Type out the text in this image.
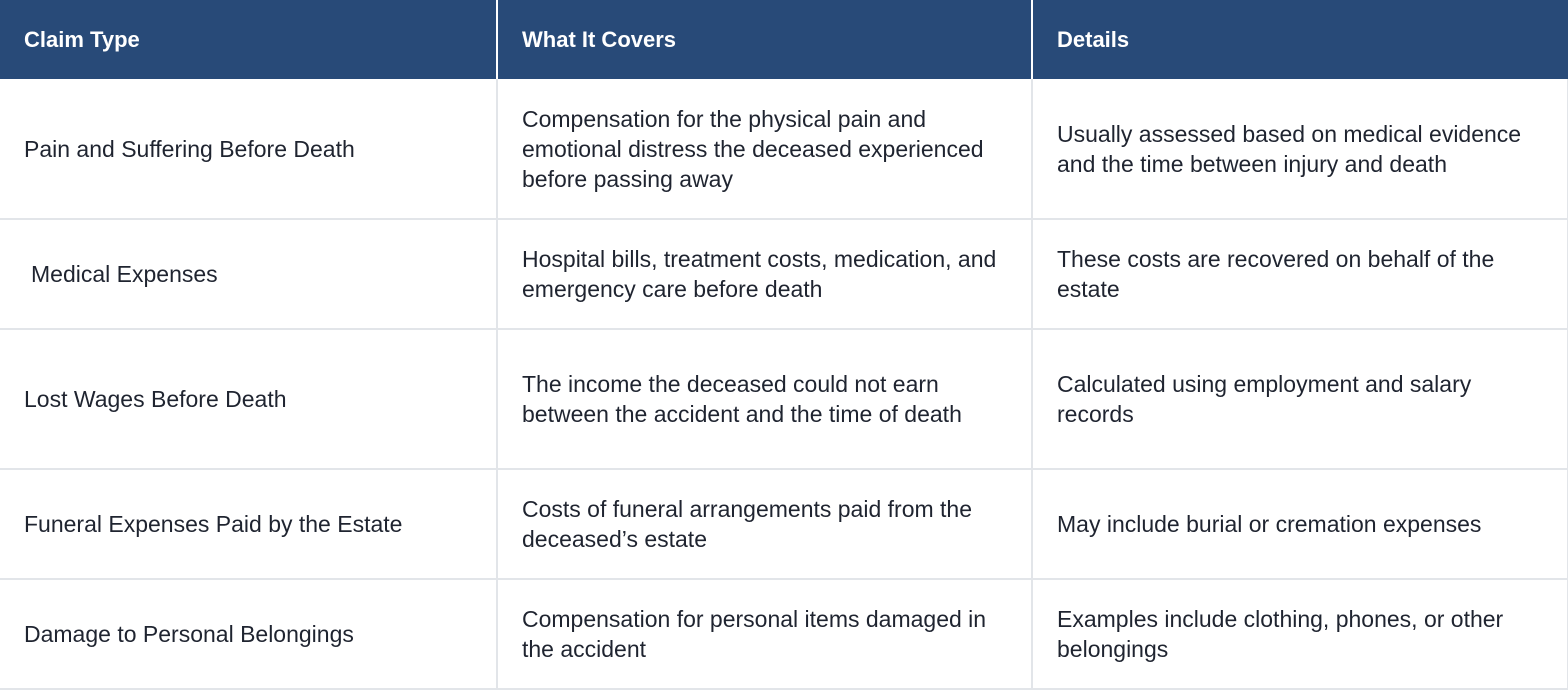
Claim Type	What It Covers	Details
Pain and Suffering Before Death	Compensation for the physical pain and emotional distress the deceased experienced before passing away	Usually assessed based on medical evidence and the time between injury and death
Medical Expenses	Hospital bills, treatment costs, medication, and emergency care before death	These costs are recovered on behalf of the estate
Lost Wages Before Death	The income the deceased could not earn between the accident and the time of death	Calculated using employment and salary records
Funeral Expenses Paid by the Estate	Costs of funeral arrangements paid from the deceased’s estate	May include burial or cremation expenses
Damage to Personal Belongings	Compensation for personal items damaged in the accident	Examples include clothing, phones, or other belongings
